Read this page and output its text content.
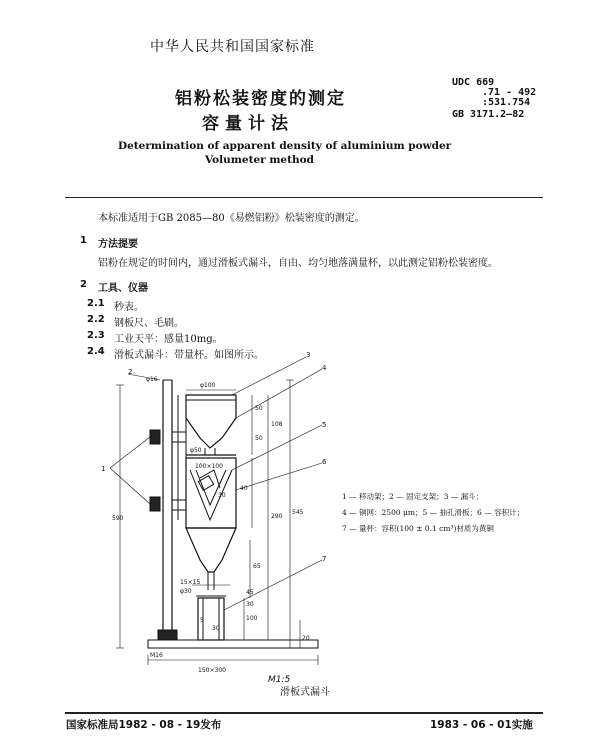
中华人民共和国国家标准
铝粉松装密度的测定
容量计法
UDC 669
.71 - 492
:531.754
GB 3171.2—82
Determination of apparent density of aluminium powder
Volumeter method
本标准适用于GB 2085—80《易燃铝粉》松装密度的测定。
1 方法提要
铝粉在规定的时间内，通过滑板式漏斗，自由、均匀地落满量杯，以此测定铝粉松装密度。
2 工具、仪器
2.1 秒表。
2.2 钢板尺、毛刷。
2.3 工业天平：感量10mg。
2.4 滑板式漏斗：带量杯。如图所示。
1
2
3
4
5
6
7
φ16
φ100
φ50
100×100
50
50
108
40
30
290
545
590
65
15×15
φ30	45
30
100
20
M16
150×300
5
30
M1:5
滑板式漏斗
1 — 移动架；2 — 固定支架；3 — 漏斗；
4 — 铜网：2500 μm；5 — 抽孔滑板；6 — 容积计；
7 — 量杯：容积(100 ± 0.1 cm³)材质为黄铜
国家标准局1982 - 08 - 19发布	1983 - 06 - 01实施
